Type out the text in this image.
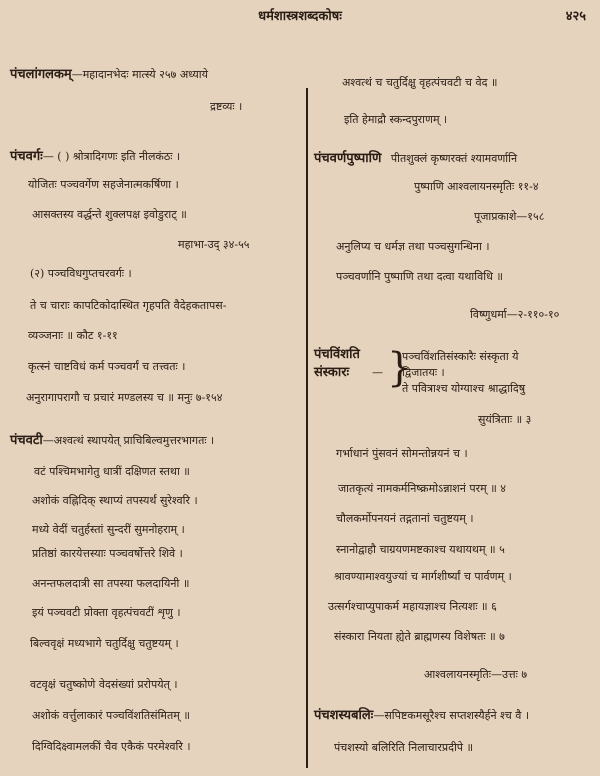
धर्मशास्त्रशब्दकोषः	४२५
पंचलांगलकम्—महादानभेदः मात्स्ये २५७ अध्याये
द्रष्टव्यः ।
पंचवर्गः— ( ) श्रोत्रादिगणः इति नीलकंठः ।
योजितः पञ्चवर्गेण सहजेनात्मकर्षिणा ।
आसक्तस्य वर्द्धन्ते शुक्लपक्ष इवोडुराट् ॥
महाभा-उद् ३४-५५
(२) पञ्चविधगुप्तचरवर्गः ।
ते च चाराः कापटिकोदास्थित गृहपति वैदेहकतापस-
व्यञ्जनाः ॥ कौट १-११
कृत्स्नं चाष्टविधं कर्म पञ्चवर्गं च तत्त्वतः ।
अनुरागापरागौ च प्रचारं मण्डलस्य च ॥ मनुः ७-१५४
पंचवटी—अश्वत्थं स्थापयेत् प्राचिबिल्वमुत्तरभागतः ।
वटं पश्चिमभागेतु धात्रीं दक्षिणत स्तथा ॥
अशोकं वह्निदिक् स्थाप्यं तपस्यर्थं सुरेश्वरि ।
मध्ये वेदीं चतुर्हस्तां सुन्दरीं सुमनोहराम् ।
प्रतिष्ठां कारयेत्तस्याः पञ्चवर्षोत्तरे शिवे ।
अनन्तफलदात्री सा तपस्या फलदायिनी ॥
इयं पञ्चवटी प्रोक्ता वृहत्पंचवटीं शृणु ।
बिल्ववृक्षं मध्यभागे चतुर्दिक्षु चतुष्टयम् ।
वटवृक्षं चतुष्कोणे वेदसंख्यां प्ररोपयेत् ।
अशोकं वर्त्तुलाकारं पञ्चविंशतिसंमितम् ॥
दिग्विदिक्ष्वामलकीं चैव एकैकं परमेश्वरि ।
अश्वत्थं च चतुर्दिक्षु वृहत्पंचवटी च वेद ॥
इति हेमाद्रौ स्कन्दपुराणम् ।
पंचवर्णपुष्पाणि पीतशुक्लं कृष्णरक्तं श्यामवर्णानि
पुष्पाणि आश्वलायनस्मृतिः ११-४
पूजाप्रकाशे—१५८
अनुलिप्य च धर्मज्ञ तथा पञ्चसुगन्धिना ।
पञ्चवर्णानि पुष्पाणि तथा दत्वा यथाविधि ॥
विष्णुधर्मा—२-११०-१०
पंचविंशति
संस्कारः —
पञ्चविंशतिसंस्कारैः संस्कृता ये
द्विजातयः ।
ते पवित्राश्च योग्याश्च श्राद्धादिषु
सुयंत्रिताः ॥ ३
गर्भाधानं पुंसवनं सोमन्तोन्नयनं च ।
जातकृत्यं नामकर्मनिष्क्रमोऽन्नाशनं परम् ॥ ४
चौलकर्मोपनयनं तद्गतानां चतुष्टयम् ।
स्नानोद्वाहौ चाग्रयणमष्टकाश्च यथायथम् ॥ ५
श्रावण्यामाश्वयुज्यां च मार्गशीर्ष्यां च पार्वणम् ।
उत्सर्गश्चाप्युपाकर्म महायज्ञाश्च नित्यशः ॥ ६
संस्कारा नियता ह्येते ब्राह्मणस्य विशेषतः ॥ ७
आश्वलायनस्मृतिः—उत्तः ७
पंचशस्यबलिः—सपिष्टकमसूरैश्च सप्तशस्यैर्हने श्च वै ।
पंचशस्यो बलिरिति निलाचारप्रदीपे ॥
}
